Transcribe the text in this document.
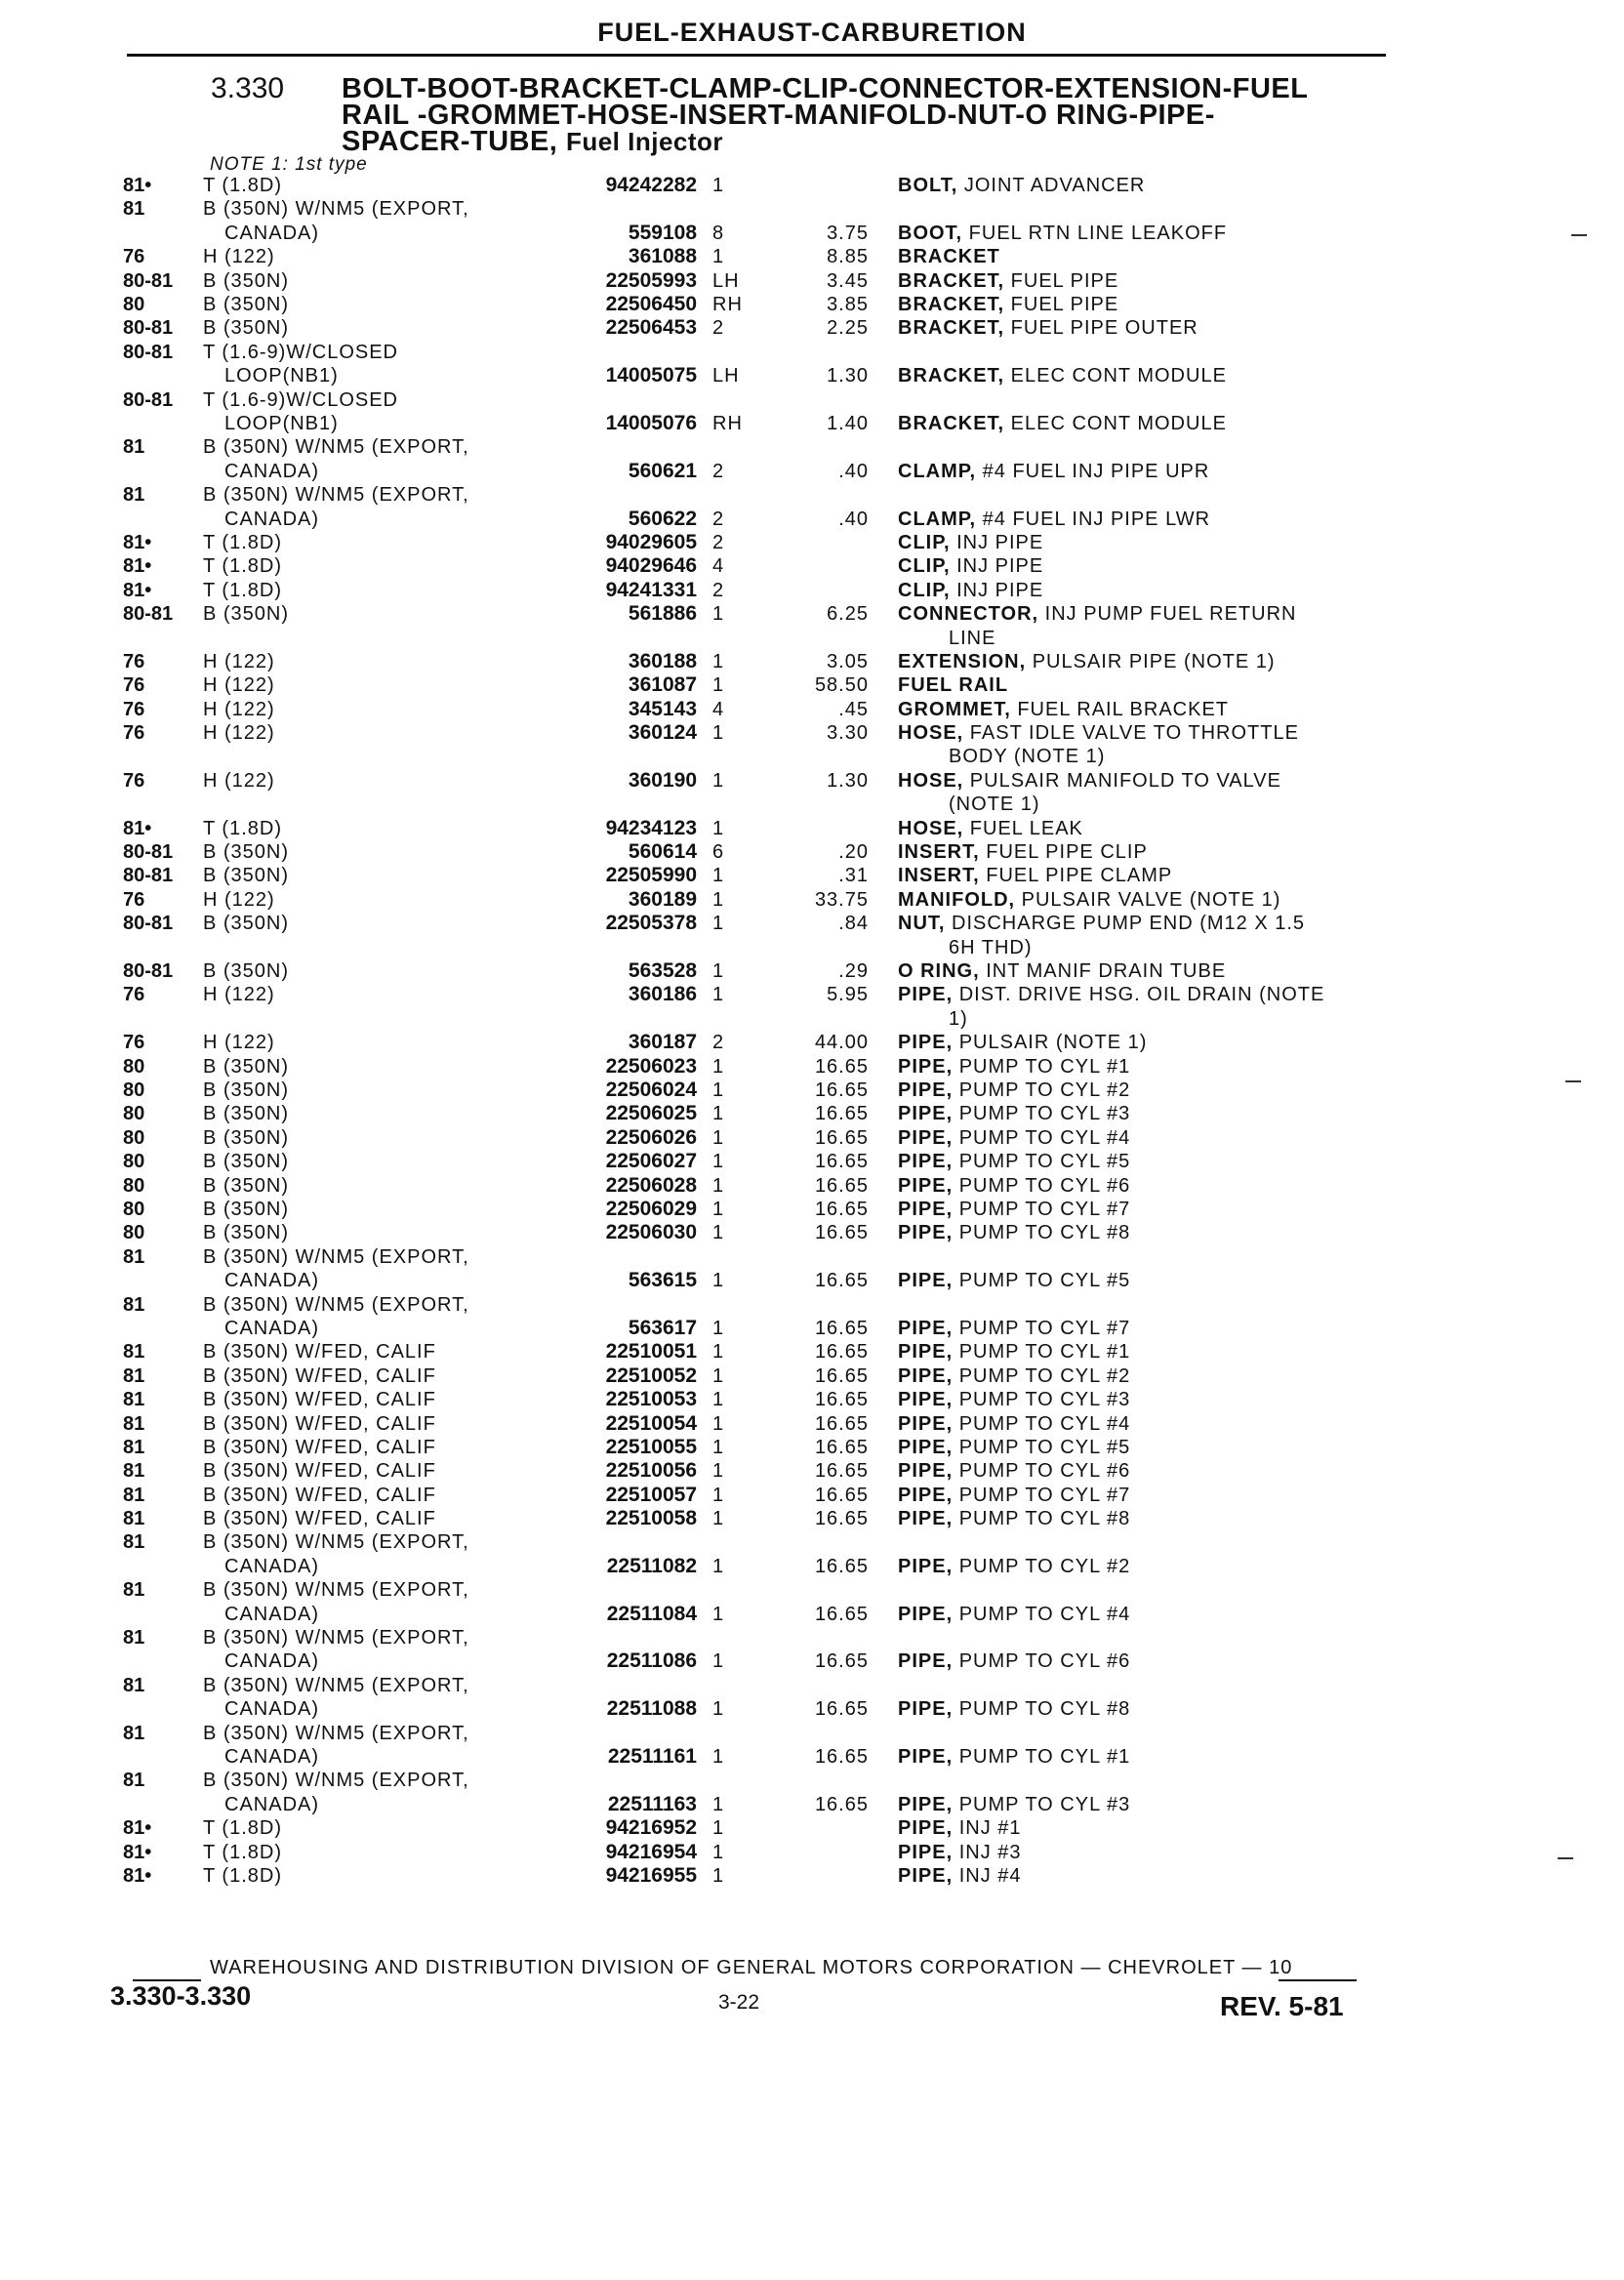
FUEL-EXHAUST-CARBURETION
3.330 BOLT-BOOT-BRACKET-CLAMP-CLIP-CONNECTOR-EXTENSION-FUEL
RAIL -GROMMET-HOSE-INSERT-MANIFOLD-NUT-O RING-PIPE-
SPACER-TUBE, Fuel Injector
NOTE 1: 1st type
81•	T (1.8D)	94242282 1	BOLT, JOINT ADVANCER
81	B (350N) W/NM5 (EXPORT,
CANADA)	559108 8	3.75 BOOT, FUEL RTN LINE LEAKOFF
76	H (122)	361088 1	8.85 BRACKET
80-81 B (350N)	22505993 LH	3.45 BRACKET, FUEL PIPE
80	B (350N)	22506450 RH	3.85 BRACKET, FUEL PIPE
80-81 B (350N)	22506453 2	2.25 BRACKET, FUEL PIPE OUTER
80-81 T (1.6-9)W/CLOSED
LOOP(NB1)	14005075 LH	1.30 BRACKET, ELEC CONT MODULE
80-81 T (1.6-9)W/CLOSED
LOOP(NB1)	14005076 RH	1.40 BRACKET, ELEC CONT MODULE
81	B (350N) W/NM5 (EXPORT,
CANADA)	560621 2	.40 CLAMP, #4 FUEL INJ PIPE UPR
81	B (350N) W/NM5 (EXPORT,
CANADA)	560622 2	.40 CLAMP, #4 FUEL INJ PIPE LWR
81•	T (1.8D)	94029605 2	CLIP, INJ PIPE
81•	T (1.8D)	94029646 4	CLIP, INJ PIPE
81•	T (1.8D)	94241331 2	CLIP, INJ PIPE
80-81 B (350N)	561886 1	6.25 CONNECTOR, INJ PUMP FUEL RETURN
LINE
76	H (122)	360188 1	3.05 EXTENSION, PULSAIR PIPE (NOTE 1)
76	H (122)	361087 1	58.50 FUEL RAIL
76	H (122)	345143 4	.45 GROMMET, FUEL RAIL BRACKET
76	H (122)	360124 1	3.30 HOSE, FAST IDLE VALVE TO THROTTLE
BODY (NOTE 1)
76	H (122)	360190 1	1.30 HOSE, PULSAIR MANIFOLD TO VALVE
(NOTE 1)
81•	T (1.8D)	94234123 1	HOSE, FUEL LEAK
80-81 B (350N)	560614 6	.20 INSERT, FUEL PIPE CLIP
80-81 B (350N)	22505990 1	.31 INSERT, FUEL PIPE CLAMP
76	H (122)	360189 1	33.75 MANIFOLD, PULSAIR VALVE (NOTE 1)
80-81 B (350N)	22505378 1	.84 NUT, DISCHARGE PUMP END (M12 X 1.5
6H THD)
80-81 B (350N)	563528 1	.29 O RING, INT MANIF DRAIN TUBE
76	H (122)	360186 1	5.95 PIPE, DIST. DRIVE HSG. OIL DRAIN (NOTE
1)
76	H (122)	360187 2	44.00 PIPE, PULSAIR (NOTE 1)
80	B (350N)	22506023 1	16.65 PIPE, PUMP TO CYL #1
80	B (350N)	22506024 1	16.65 PIPE, PUMP TO CYL #2
80	B (350N)	22506025 1	16.65 PIPE, PUMP TO CYL #3
80	B (350N)	22506026 1	16.65 PIPE, PUMP TO CYL #4
80	B (350N)	22506027 1	16.65 PIPE, PUMP TO CYL #5
80	B (350N)	22506028 1	16.65 PIPE, PUMP TO CYL #6
80	B (350N)	22506029 1	16.65 PIPE, PUMP TO CYL #7
80	B (350N)	22506030 1	16.65 PIPE, PUMP TO CYL #8
81	B (350N) W/NM5 (EXPORT,
CANADA)	563615 1	16.65 PIPE, PUMP TO CYL #5
81	B (350N) W/NM5 (EXPORT,
CANADA)	563617 1	16.65 PIPE, PUMP TO CYL #7
81	B (350N) W/FED, CALIF	22510051 1	16.65 PIPE, PUMP TO CYL #1
81	B (350N) W/FED, CALIF	22510052 1	16.65 PIPE, PUMP TO CYL #2
81	B (350N) W/FED, CALIF	22510053 1	16.65 PIPE, PUMP TO CYL #3
81	B (350N) W/FED, CALIF	22510054 1	16.65 PIPE, PUMP TO CYL #4
81	B (350N) W/FED, CALIF	22510055 1	16.65 PIPE, PUMP TO CYL #5
81	B (350N) W/FED, CALIF	22510056 1	16.65 PIPE, PUMP TO CYL #6
81	B (350N) W/FED, CALIF	22510057 1	16.65 PIPE, PUMP TO CYL #7
81	B (350N) W/FED, CALIF	22510058 1	16.65 PIPE, PUMP TO CYL #8
81	B (350N) W/NM5 (EXPORT,
CANADA)	22511082 1	16.65 PIPE, PUMP TO CYL #2
81	B (350N) W/NM5 (EXPORT,
CANADA)	22511084 1	16.65 PIPE, PUMP TO CYL #4
81	B (350N) W/NM5 (EXPORT,
CANADA)	22511086 1	16.65 PIPE, PUMP TO CYL #6
81	B (350N) W/NM5 (EXPORT,
CANADA)	22511088 1	16.65 PIPE, PUMP TO CYL #8
81	B (350N) W/NM5 (EXPORT,
CANADA)	22511161 1	16.65 PIPE, PUMP TO CYL #1
81	B (350N) W/NM5 (EXPORT,
CANADA)	22511163 1	16.65 PIPE, PUMP TO CYL #3
81•	T (1.8D)	94216952 1	PIPE, INJ #1
81•	T (1.8D)	94216954 1	PIPE, INJ #3
81•	T (1.8D)	94216955 1	PIPE, INJ #4
WAREHOUSING AND DISTRIBUTION DIVISION OF GENERAL MOTORS CORPORATION — CHEVROLET — 10
3.330-3.330	3-22	REV. 5-81
